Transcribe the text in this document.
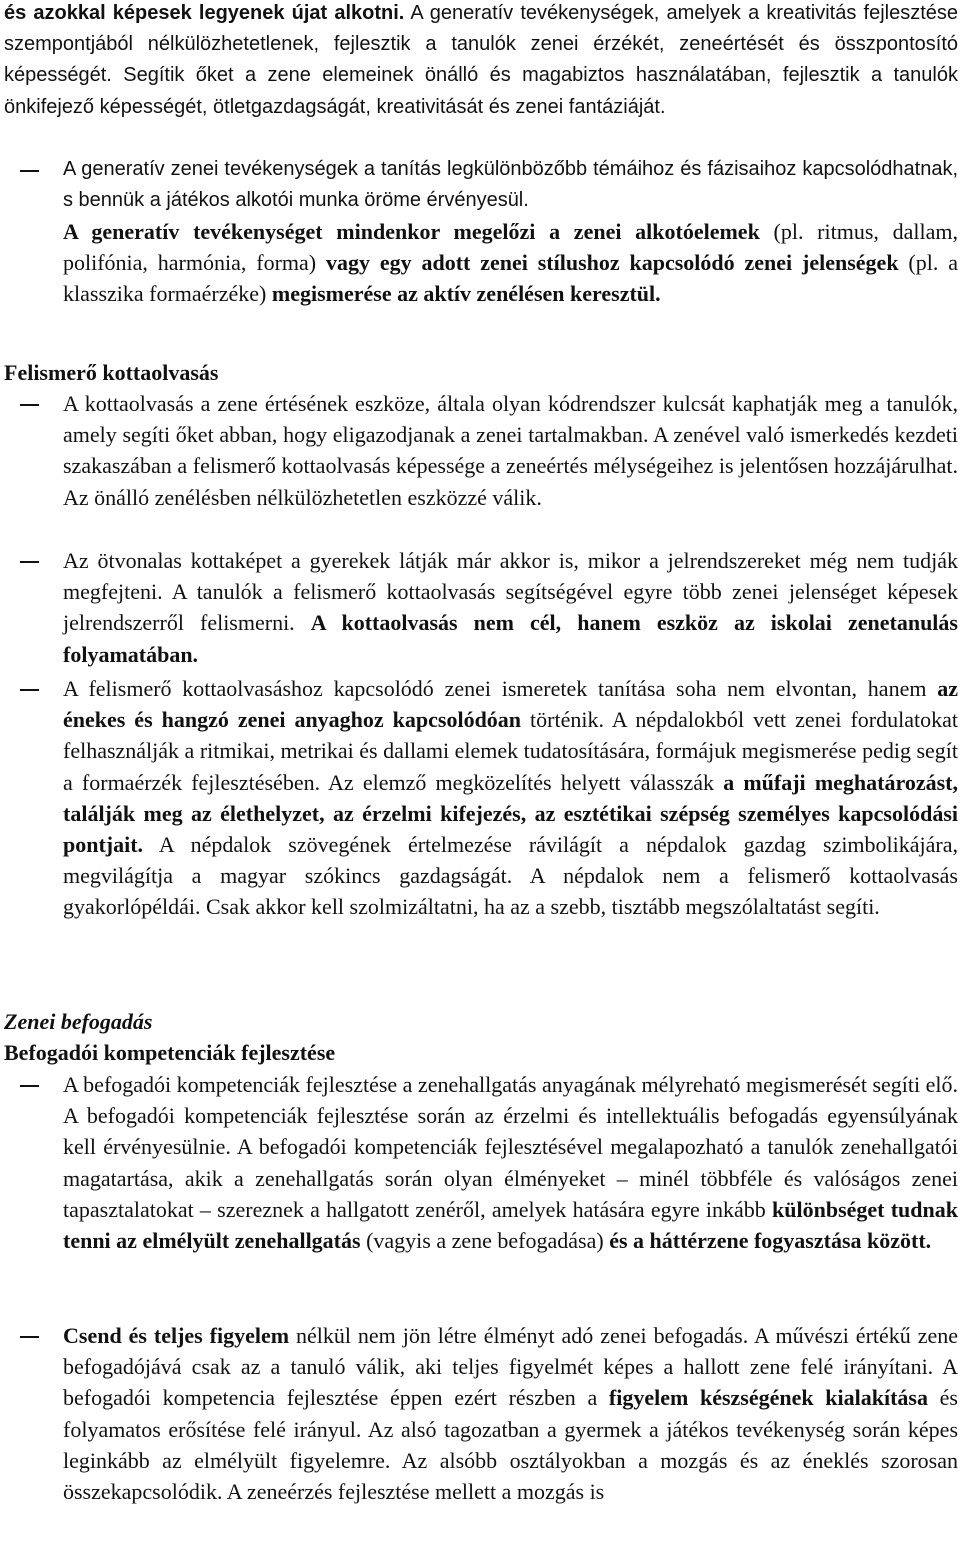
és azokkal képesek legyenek újat alkotni. A generatív tevékenységek, amelyek a kreativitás fejlesztése szempontjából nélkülözhetetlenek, fejlesztik a tanulók zenei érzékét, zeneértését és összpontosító képességét. Segítik őket a zene elemeinek önálló és magabiztos használatában, fejlesztik a tanulók önkifejező képességét, ötletgazdagságát, kreativitását és zenei fantáziáját.

A generatív zenei tevékenységek a tanítás legkülönbözőbb témáihoz és fázisaihoz kapcsolódhatnak, s bennük a játékos alkotói munka öröme érvényesül.

A generatív tevékenységet mindenkor megelőzi a zenei alkotóelemek (pl. ritmus, dallam, polifónia, harmónia, forma) vagy egy adott zenei stílushoz kapcsolódó zenei jelenségek (pl. a klasszika formaérzéke) megismerése az aktív zenélésen keresztül.

Felismerő kottaolvasás

A kottaolvasás a zene értésének eszköze, általa olyan kódrendszer kulcsát kaphatják meg a tanulók, amely segíti őket abban, hogy eligazodjanak a zenei tartalmakban. A zenével való ismerkedés kezdeti szakaszában a felismerő kottaolvasás képessége a zeneértés mélységeihez is jelentősen hozzájárulhat. Az önálló zenélésben nélkülözhetetlen eszközzé válik.

Az ötvonalas kottaképet a gyerekek látják már akkor is, mikor a jelrendszereket még nem tudják megfejteni. A tanulók a felismerő kottaolvasás segítségével egyre több zenei jelenséget képesek jelrendszerről felismerni. A kottaolvasás nem cél, hanem eszköz az iskolai zenetanulás folyamatában.

A felismerő kottaolvasáshoz kapcsolódó zenei ismeretek tanítása soha nem elvontan, hanem az énekes és hangzó zenei anyaghoz kapcsolódóan történik. A népdalokból vett zenei fordulatokat felhasználják a ritmikai, metrikai és dallami elemek tudatosítására, formájuk megismerése pedig segít a formaérzék fejlesztésében. Az elemző megközelítés helyett válasszák a műfaji meghatározást, találják meg az élethelyzet, az érzelmi kifejezés, az esztétikai szépség személyes kapcsolódási pontjait. A népdalok szövegének értelmezése rávilágít a népdalok gazdag szimbolikájára, megvilágítja a magyar szókincs gazdagságát. A népdalok nem a felismerő kottaolvasás gyakorlópéldái. Csak akkor kell szolmizáltatni, ha az a szebb, tisztább megszólaltatást segíti.

Zenei befogadás
Befogadói kompetenciák fejlesztése

A befogadói kompetenciák fejlesztése a zenehallgatás anyagának mélyreható megismerését segíti elő. A befogadói kompetenciák fejlesztése során az érzelmi és intellektuális befogadás egyensúlyának kell érvényesülnie. A befogadói kompetenciák fejlesztésével megalapozható a tanulók zenehallgatói magatartása, akik a zenehallgatás során olyan élményeket – minél többféle és valóságos zenei tapasztalatokat – szereznek a hallgatott zenéről, amelyek hatására egyre inkább különbséget tudnak tenni az elmélyült zenehallgatás (vagyis a zene befogadása) és a háttérzene fogyasztása között.

Csend és teljes figyelem nélkül nem jön létre élményt adó zenei befogadás. A művészi értékű zene befogadójává csak az a tanuló válik, aki teljes figyelmét képes a hallott zene felé irányítani. A befogadói kompetencia fejlesztése éppen ezért részben a figyelem készségének kialakítása és folyamatos erősítése felé irányul. Az alsó tagozatban a gyermek a játékos tevékenység során képes leginkább az elmélyült figyelemre. Az alsóbb osztályokban a mozgás és az éneklés szorosan összekapcsolódik. A zeneérzés fejlesztése mellett a mozgás is
